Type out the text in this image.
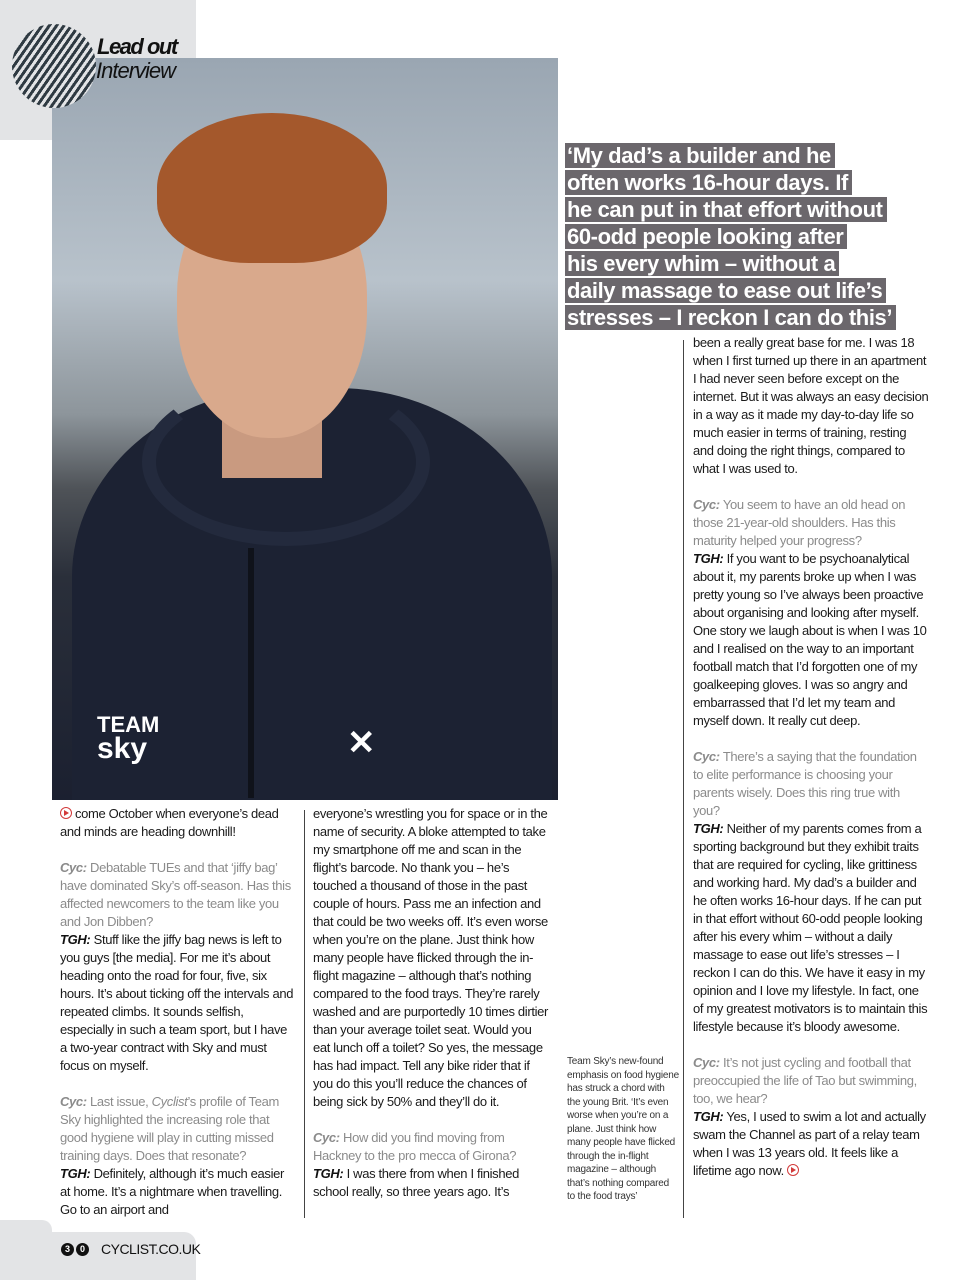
Lead out
Interview
TEAM
sky	✕
‘My dad’s a builder and he
often works 16-hour days. If
he can put in that effort without
60-odd people looking after
his every whim – without a
daily massage to ease out life’s
stresses – I reckon I can do this’

come October when everyone’s dead and minds are heading downhill!

Cyc: Debatable TUEs and that ‘jiffy bag’ have dominated Sky’s off-season. Has this affected newcomers to the team like you and Jon Dibben?
TGH: Stuff like the jiffy bag news is left to you guys [the media]. For me it’s about heading onto the road for four, five, six hours. It’s about ticking off the intervals and repeated climbs. It sounds selfish, especially in such a team sport, but I have a two-year contract with Sky and must focus on myself.

Cyc: Last issue, Cyclist’s profile of Team Sky highlighted the increasing role that good hygiene will play in cutting missed training days. Does that resonate?
TGH: Definitely, although it’s much easier at home. It’s a nightmare when travelling. Go to an airport and

everyone’s wrestling you for space or in the name of security. A bloke attempted to take my smartphone off me and scan in the flight’s barcode. No thank you – he’s touched a thousand of those in the past couple of hours. Pass me an infection and that could be two weeks off. It’s even worse when you’re on the plane. Just think how many people have flicked through the in-flight magazine – although that’s nothing compared to the food trays. They’re rarely washed and are purportedly 10 times dirtier than your average toilet seat. Would you eat lunch off a toilet? So yes, the message has had impact. Tell any bike rider that if you do this you’ll reduce the chances of being sick by 50% and they’ll do it.

Cyc: How did you find moving from Hackney to the pro mecca of Girona?
TGH: I was there from when I finished school really, so three years ago. It’s

Team Sky’s new-found emphasis on food hygiene has struck a chord with the young Brit. ‘It’s even worse when you’re on a plane. Just think how many people have flicked through the in-flight magazine – although that’s nothing compared to the food trays’

been a really great base for me. I was 18 when I first turned up there in an apartment I had never seen before except on the internet. But it was always an easy decision in a way as it made my day-to-day life so much easier in terms of training, resting and doing the right things, compared to what I was used to.

Cyc: You seem to have an old head on those 21-year-old shoulders. Has this maturity helped your progress?
TGH: If you want to be psychoanalytical about it, my parents broke up when I was pretty young so I’ve always been proactive about organising and looking after myself. One story we laugh about is when I was 10 and I realised on the way to an important football match that I’d forgotten one of my goalkeeping gloves. I was so angry and embarrassed that I’d let my team and myself down. It really cut deep.

Cyc: There’s a saying that the foundation to elite performance is choosing your parents wisely. Does this ring true with you?
TGH: Neither of my parents comes from a sporting background but they exhibit traits that are required for cycling, like grittiness and working hard. My dad’s a builder and he often works 16-hour days. If he can put in that effort without 60-odd people looking after his every whim – without a daily massage to ease out life’s stresses – I reckon I can do this. We have it easy in my opinion and I love my lifestyle. In fact, one of my greatest motivators is to maintain this lifestyle because it’s bloody awesome.

Cyc: It’s not just cycling and football that preoccupied the life of Tao but swimming, too, we hear?
TGH: Yes, I used to swim a lot and actually swam the Channel as part of a relay team when I was 13 years old. It feels like a lifetime ago now.

3	0 CYCLIST.CO.UK
